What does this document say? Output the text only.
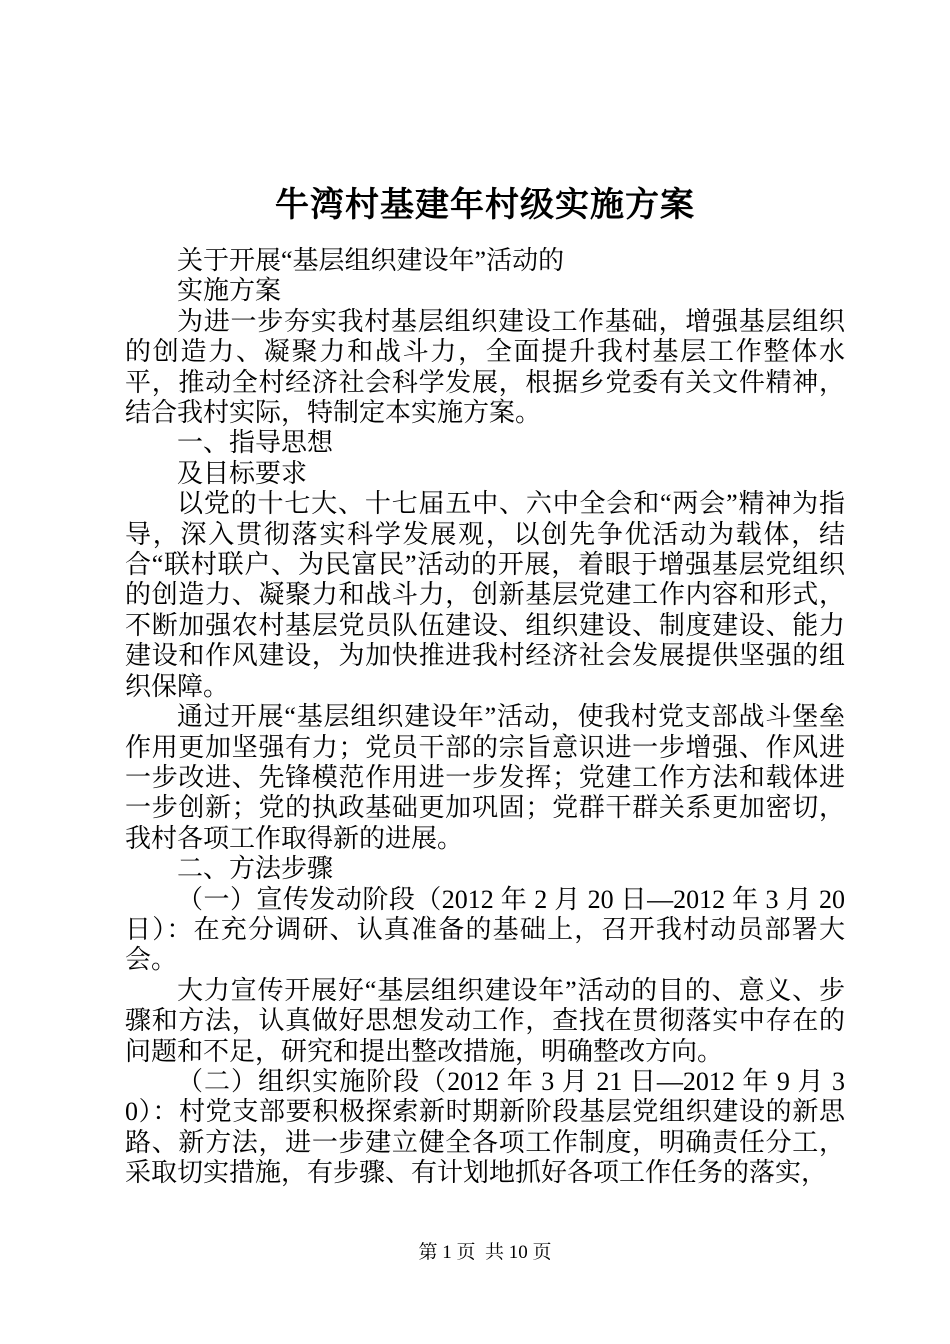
牛湾村基建年村级实施方案

关于开展“基层组织建设年”活动的

实施方案

为进一步夯实我村基层组织建设工作基础，增强基层组织的创造力、凝聚力和战斗力，全面提升我村基层工作整体水平，推动全村经济社会科学发展，根据乡党委有关文件精神，结合我村实际，特制定本实施方案。

一、指导思想

及目标要求

以党的十七大、十七届五中、六中全会和“两会”精神为指导，深入贯彻落实科学发展观，以创先争优活动为载体，结合“联村联户、为民富民”活动的开展，着眼于增强基层党组织的创造力、凝聚力和战斗力，创新基层党建工作内容和形式，不断加强农村基层党员队伍建设、组织建设、制度建设、能力建设和作风建设，为加快推进我村经济社会发展提供坚强的组织保障。

通过开展“基层组织建设年”活动，使我村党支部战斗堡垒作用更加坚强有力；党员干部的宗旨意识进一步增强、作风进一步改进、先锋模范作用进一步发挥；党建工作方法和载体进一步创新；党的执政基础更加巩固；党群干群关系更加密切，我村各项工作取得新的进展。

二、方法步骤

（一）宣传发动阶段（2012 年 2 月 20 日—2012 年 3 月 20 日）：在充分调研、认真准备的基础上，召开我村动员部署大会。

大力宣传开展好“基层组织建设年”活动的目的、意义、步骤和方法，认真做好思想发动工作，查找在贯彻落实中存在的问题和不足，研究和提出整改措施，明确整改方向。

（二）组织实施阶段（2012 年 3 月 21 日—2012 年 9 月 30）：村党支部要积极探索新时期新阶段基层党组织建设的新思路、新方法，进一步建立健全各项工作制度，明确责任分工，采取切实措施，有步骤、有计划地抓好各项工作任务的落实，

第 1 页  共 10 页
